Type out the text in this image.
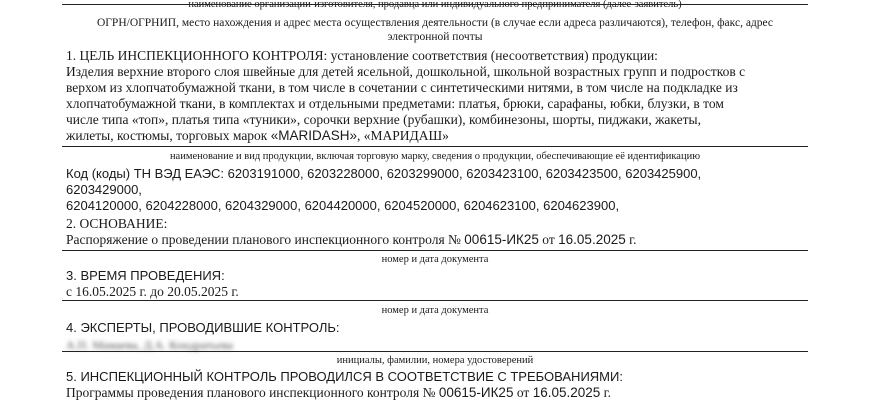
наименование организации-изготовителя, продавца или индивидуального предпринимателя (далее-заявитель)
ОГРН/ОГРНИП, место нахождения и адрес места осуществления деятельности (в случае если адреса различаются), телефон, факс, адрес
электронной почты
1. ЦЕЛЬ ИНСПЕКЦИОННОГО КОНТРОЛЯ: установление соответствия (несоответствия) продукции:
Изделия верхние второго слоя швейные для детей ясельной, дошкольной, школьной возрастных групп и подростков с
верхом из хлопчатобумажной ткани, в том числе в сочетании с синтетическими нитями, в том числе на подкладке из
хлопчатобумажной ткани, в комплектах и отдельными предметами: платья, брюки, сарафаны, юбки, блузки, в том
числе типа «топ», платья типа «туники», сорочки верхние (рубашки), комбинезоны, шорты, пиджаки, жакеты,
жилеты, костюмы, торговых марок «MARIDASH», «МАРИДАШ»
наименование и вид продукции, включая торговую марку, сведения о продукции, обеспечивающие её идентификацию
Код (коды) ТН ВЭД ЕАЭС: 6203191000, 6203228000, 6203299000, 6203423100, 6203423500, 6203425900,
6203429000,
6204120000, 6204228000, 6204329000, 6204420000, 6204520000, 6204623100, 6204623900,
2. ОСНОВАНИЕ:
Распоряжение о проведении планового инспекционного контроля № 00615-ИК25 от 16.05.2025 г.
номер и дата документа
3. ВРЕМЯ ПРОВЕДЕНИЯ:
с 16.05.2025 г. до 20.05.2025 г.
номер и дата документа
4. ЭКСПЕРТЫ, ПРОВОДИВШИЕ КОНТРОЛЬ:
А.П. Мамаева, Д.А. Кондратьева
инициалы, фамилии, номера удостоверений
5. ИНСПЕКЦИОННЫЙ КОНТРОЛЬ ПРОВОДИЛСЯ В СООТВЕТСТВИЕ С ТРЕБОВАНИЯМИ:
Программы проведения планового инспекционного контроля № 00615-ИК25 от 16.05.2025 г.
